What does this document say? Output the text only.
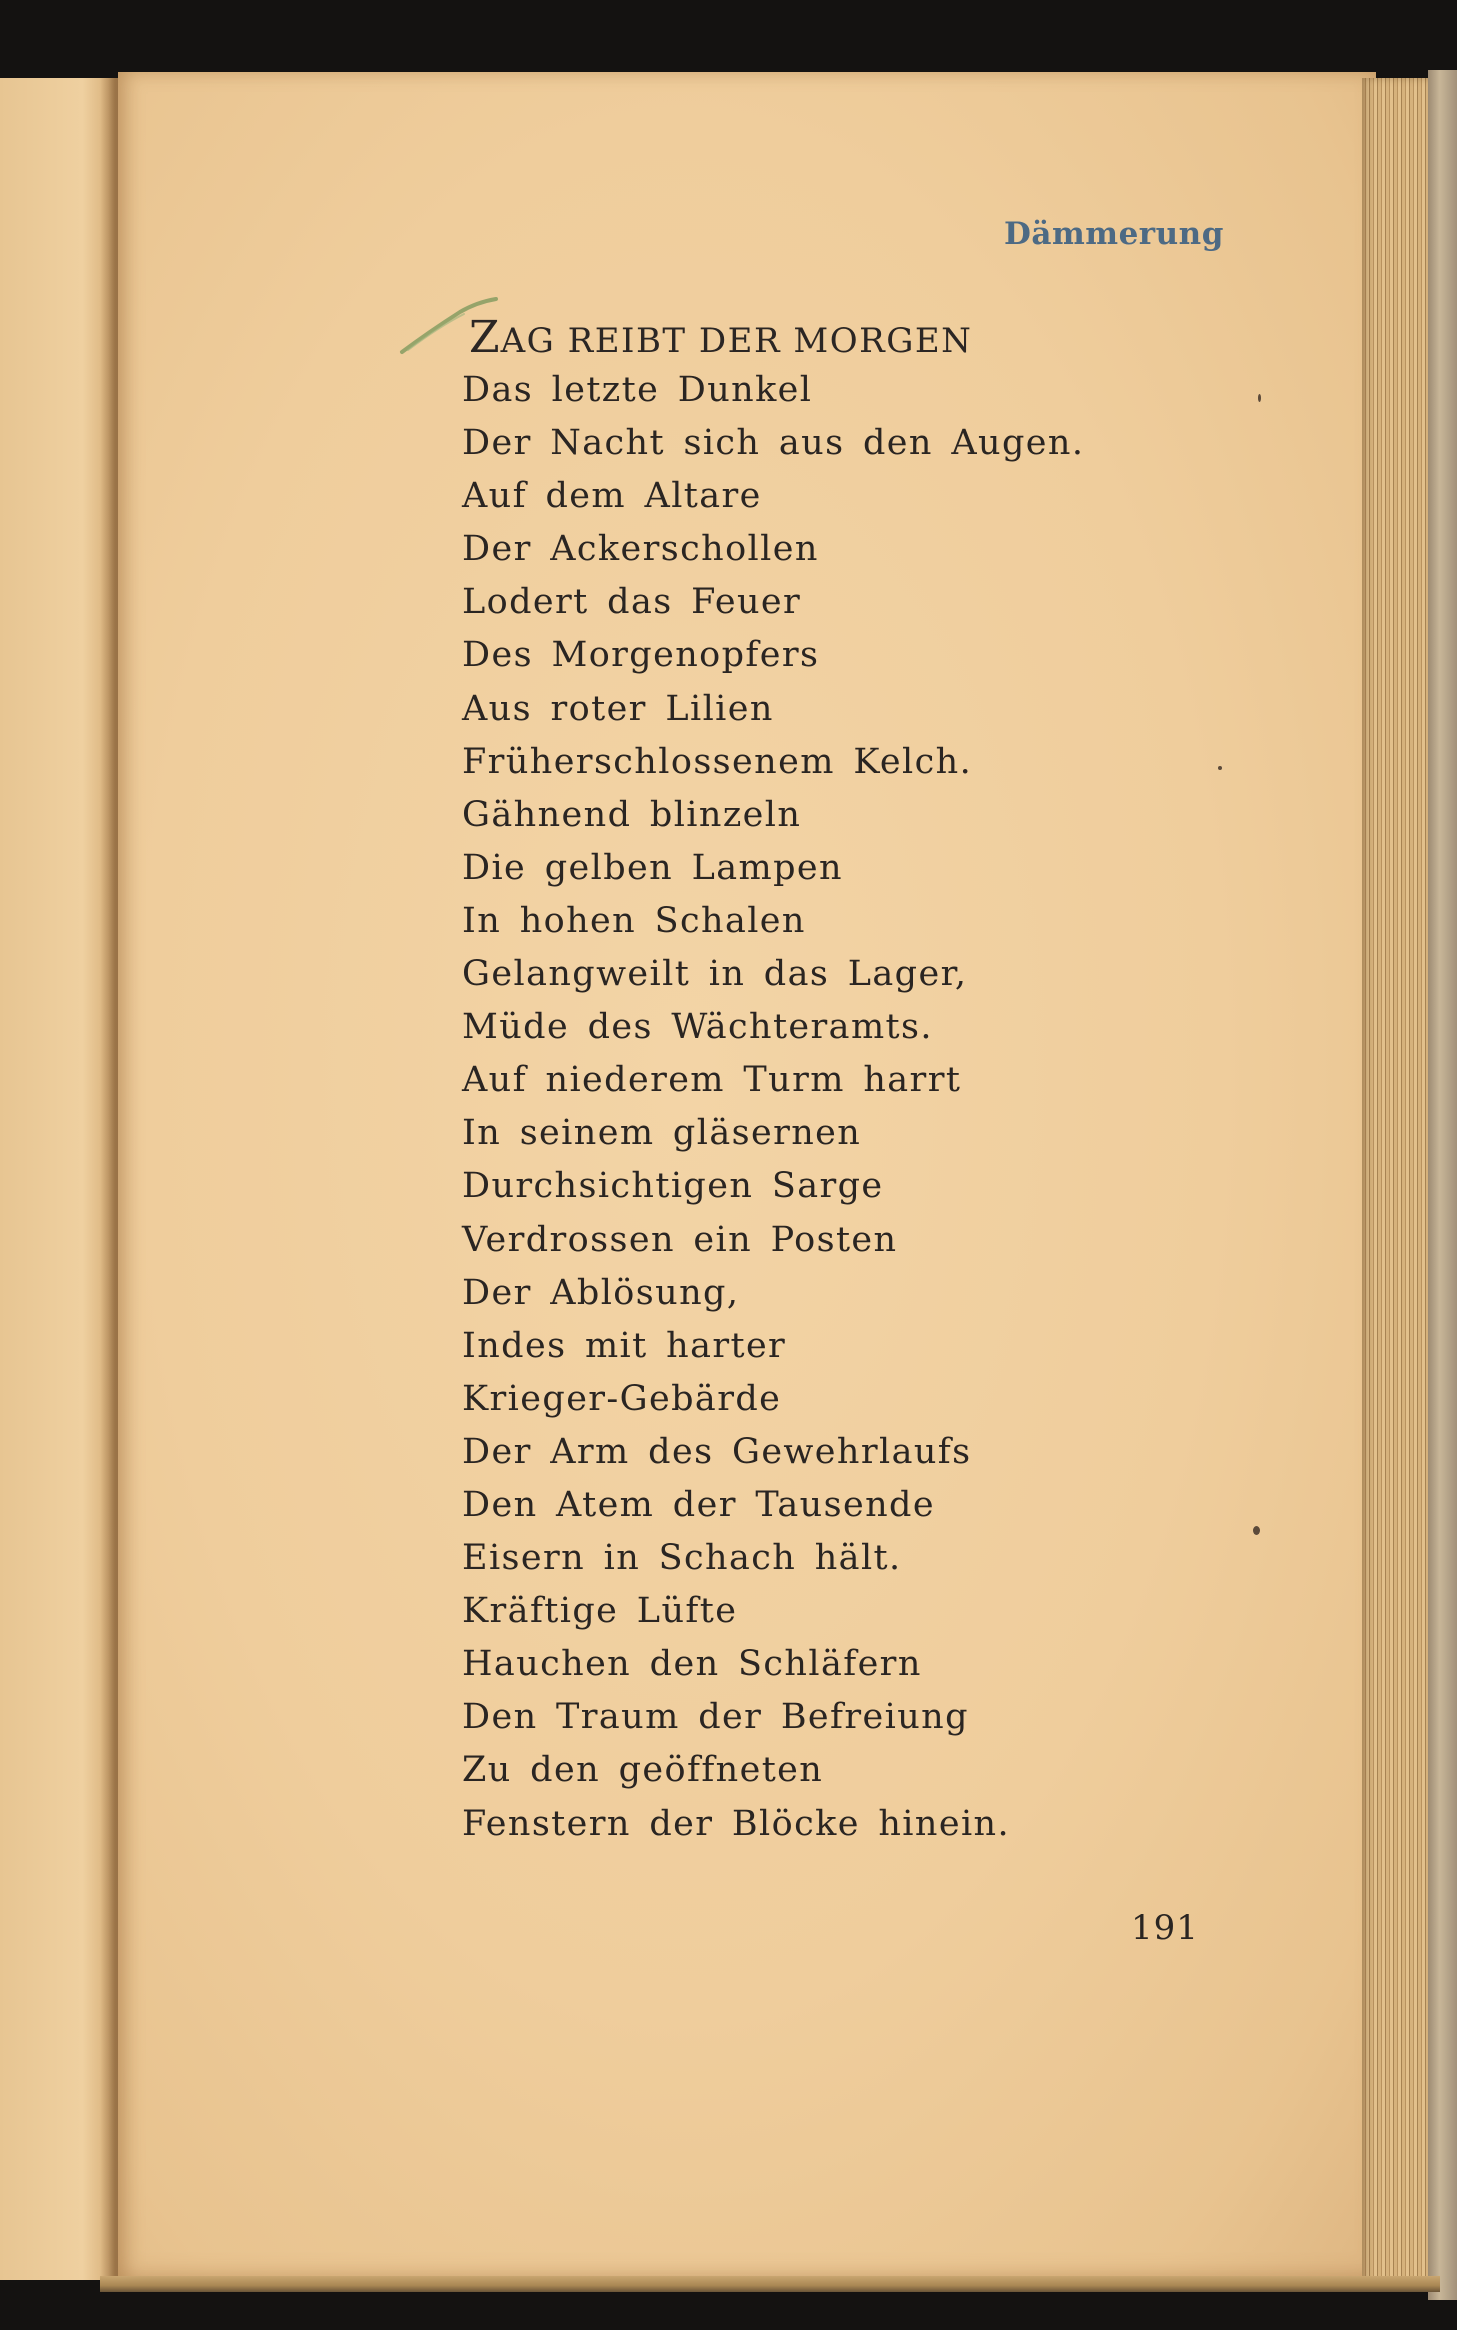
Dämmerung
ZAG REIBT DER MORGEN
Das letzte Dunkel
Der Nacht sich aus den Augen.
Auf dem Altare
Der Ackerschollen
Lodert das Feuer
Des Morgenopfers
Aus roter Lilien
Früherschlossenem Kelch.
Gähnend blinzeln
Die gelben Lampen
In hohen Schalen
Gelangweilt in das Lager,
Müde des Wächteramts.
Auf niederem Turm harrt
In seinem gläsernen
Durchsichtigen Sarge
Verdrossen ein Posten
Der Ablösung,
Indes mit harter
Krieger-Gebärde
Der Arm des Gewehrlaufs
Den Atem der Tausende
Eisern in Schach hält.
Kräftige Lüfte
Hauchen den Schläfern
Den Traum der Befreiung
Zu den geöffneten
Fenstern der Blöcke hinein.
191
